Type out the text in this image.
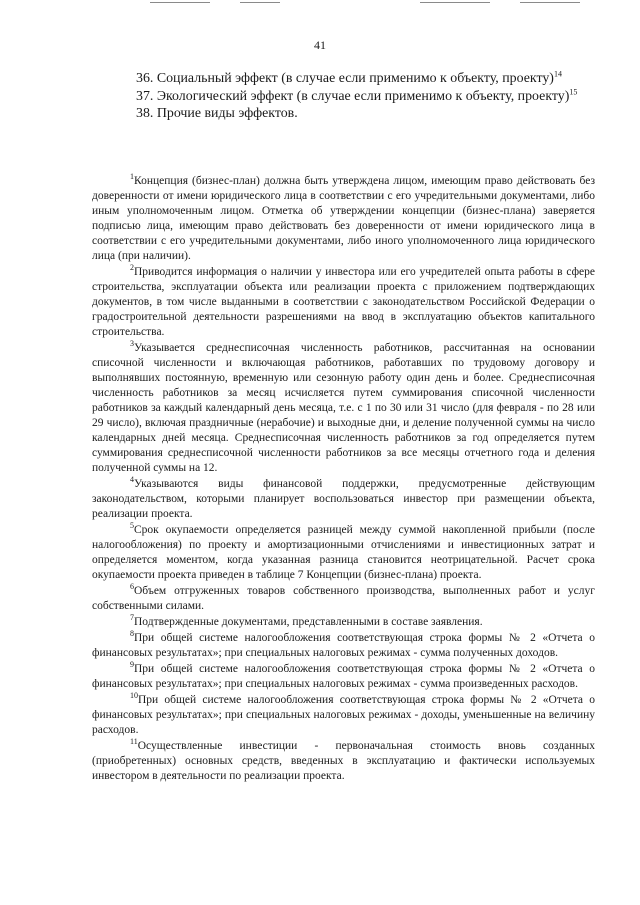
41

36. Социальный эффект (в случае если применимо к объекту, проекту)$^{14}$

37. Экологический эффект (в случае если применимо к объекту, проекту)$^{15}$

38. Прочие виды эффектов.

$^1$Концепция (бизнес-план) должна быть утверждена лицом, имеющим право действовать без доверенности от имени юридического лица в соответствии с его учредительными документами, либо иным уполномоченным лицом. Отметка об утверждении концепции (бизнес-плана) заверяется подписью лица, имеющим право действовать без доверенности от имени юридического лица в соответствии с его учредительными документами, либо иного уполномоченного лица юридического лица (при наличии).

$^2$Приводится информация о наличии у инвестора или его учредителей опыта работы в сфере строительства, эксплуатации объекта или реализации проекта с приложением подтверждающих документов, в том числе выданными в соответствии с законодательством Российской Федерации о градостроительной деятельности разрешениями на ввод в эксплуатацию объектов капитального строительства.

$^3$Указывается среднесписочная численность работников, рассчитанная на основании списочной численности и включающая работников, работавших по трудовому договору и выполнявших постоянную, временную или сезонную работу один день и более. Среднесписочная численность работников за месяц исчисляется путем суммирования списочной численности работников за каждый календарный день месяца, т.е. с 1 по 30 или 31 число (для февраля - по 28 или 29 число), включая праздничные (нерабочие) и выходные дни, и деление полученной суммы на число календарных дней месяца. Среднесписочная численность работников за год определяется путем суммирования среднесписочной численности работников за все месяцы отчетного года и деления полученной суммы на 12.

$^4$Указываются виды финансовой поддержки, предусмотренные действующим законодательством, которыми планирует воспользоваться инвестор при размещении объекта, реализации проекта.

$^5$Срок окупаемости определяется разницей между суммой накопленной прибыли (после налогообложения) по проекту и амортизационными отчислениями и инвестиционных затрат и определяется моментом, когда указанная разница становится неотрицательной. Расчет срока окупаемости проекта приведен в таблице 7 Концепции (бизнес-плана) проекта.

$^6$Объем отгруженных товаров собственного производства, выполненных работ и услуг собственными силами.

$^7$Подтвержденные документами, представленными в составе заявления.

$^8$При общей системе налогообложения соответствующая строка формы № 2 «Отчета о финансовых результатах»; при специальных налоговых режимах - сумма полученных доходов.

$^9$При общей системе налогообложения соответствующая строка формы № 2 «Отчета о финансовых результатах»; при специальных налоговых режимах - сумма произведенных расходов.

$^{10}$При общей системе налогообложения соответствующая строка формы № 2 «Отчета о финансовых результатах»; при специальных налоговых режимах - доходы, уменьшенные на величину расходов.

$^{11}$Осуществленные инвестиции - первоначальная стоимость вновь созданных (приобретенных) основных средств, введенных в эксплуатацию и фактически используемых инвестором в деятельности по реализации проекта.
